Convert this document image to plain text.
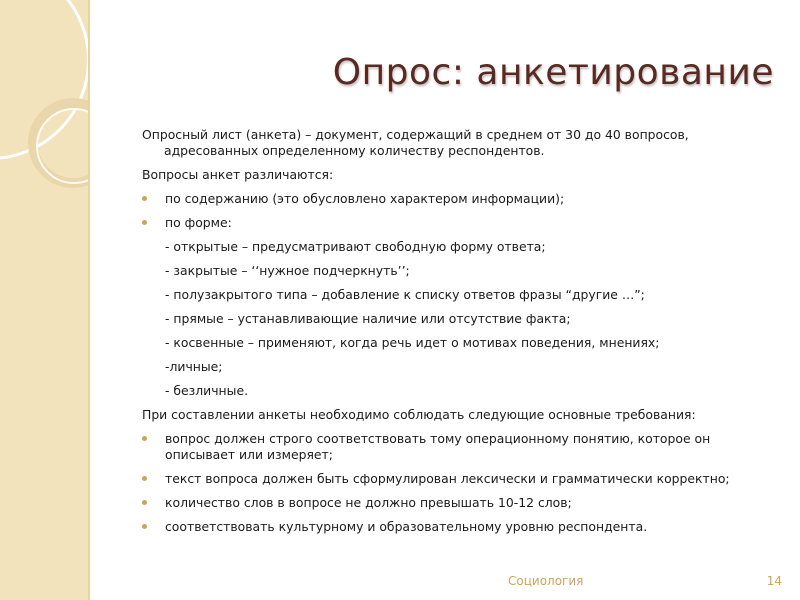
Опрос: анкетирование

Опросный лист (анкета) – документ, содержащий в среднем от 30 до 40 вопросов, адресованных определенному количеству респондентов.

Вопросы анкет различаются:

по содержанию (это обусловлено характером информации);
по форме:
- открытые – предусматривают свободную форму ответа;
- закрытые – ‘‘нужное подчеркнуть’’;
- полузакрытого типа – добавление к списку ответов фразы “другие …”;
- прямые – устанавливающие наличие или отсутствие факта;
- косвенные – применяют, когда речь идет о мотивах поведения, мнениях;
-личные;
- безличные.

При составлении анкеты необходимо соблюдать следующие основные требования:

вопрос должен строго соответствовать тому операционному понятию, которое он описывает или измеряет;
текст вопроса должен быть сформулирован лексически и грамматически корректно;
количество слов в вопросе не должно превышать 10-12 слов;
соответствовать культурному и образовательному уровню респондента.
Социология	14
